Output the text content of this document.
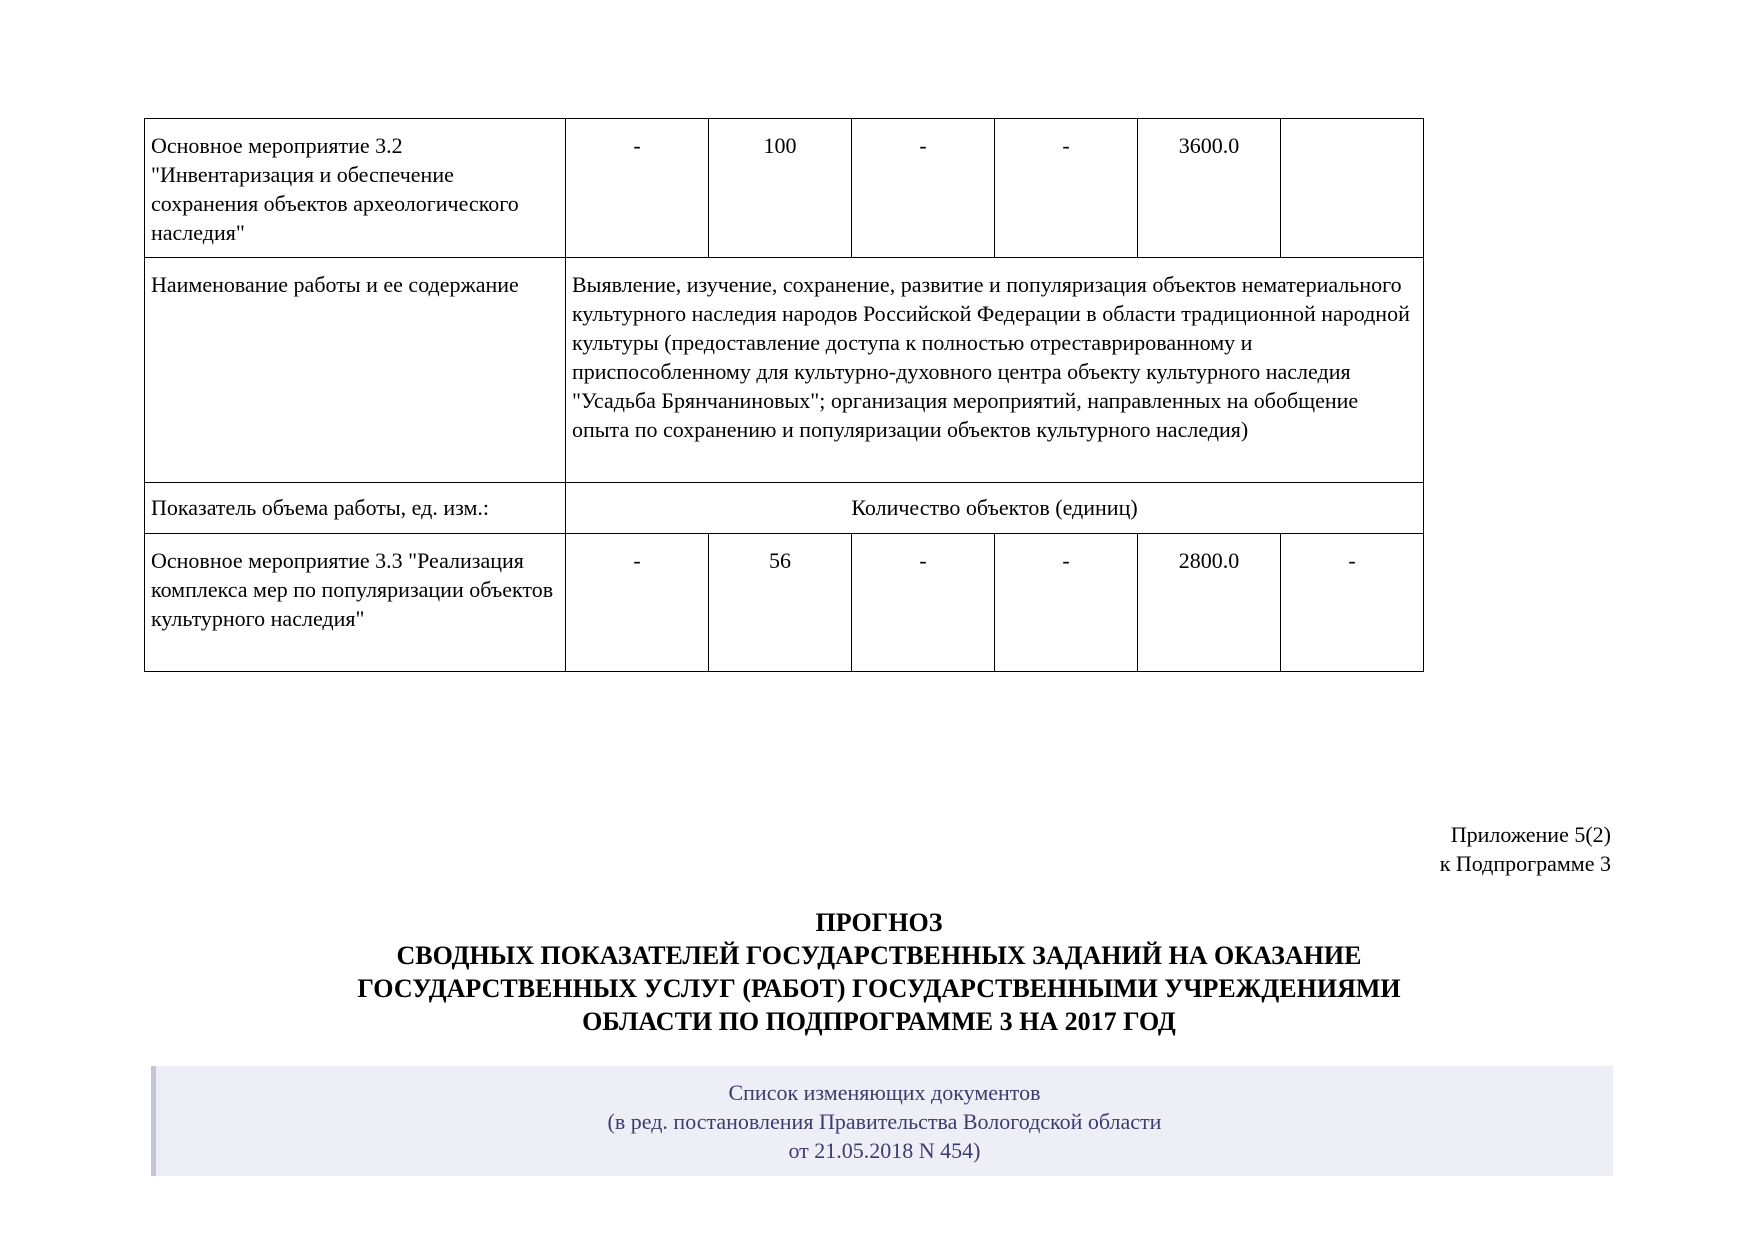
Основное мероприятие 3.2 "Инвентаризация и обеспечение сохранения объектов археологического наследия"	-	100	-	-	3600.0	
Наименование работы и ее содержание	Выявление, изучение, сохранение, развитие и популяризация объектов нематериального культурного наследия народов Российской Федерации в области традиционной народной культуры (предоставление доступа к полностью отреставрированному и приспособленному для культурно-духовного центра объекту культурного наследия "Усадьба Брянчаниновых"; организация мероприятий, направленных на обобщение опыта по сохранению и популяризации объектов культурного наследия)					
Показатель объема работы, ед. изм.:	Количество объектов (единиц)					
Основное мероприятие 3.3 "Реализация комплекса мер по популяризации объектов культурного наследия"	-	56	-	-	2800.0	-
Приложение 5(2)
к Подпрограмме 3
ПРОГНОЗ
СВОДНЫХ ПОКАЗАТЕЛЕЙ ГОСУДАРСТВЕННЫХ ЗАДАНИЙ НА ОКАЗАНИЕ
ГОСУДАРСТВЕННЫХ УСЛУГ (РАБОТ) ГОСУДАРСТВЕННЫМИ УЧРЕЖДЕНИЯМИ
ОБЛАСТИ ПО ПОДПРОГРАММЕ 3 НА 2017 ГОД
Список изменяющих документов
(в ред. постановления Правительства Вологодской области
от 21.05.2018 N 454)
